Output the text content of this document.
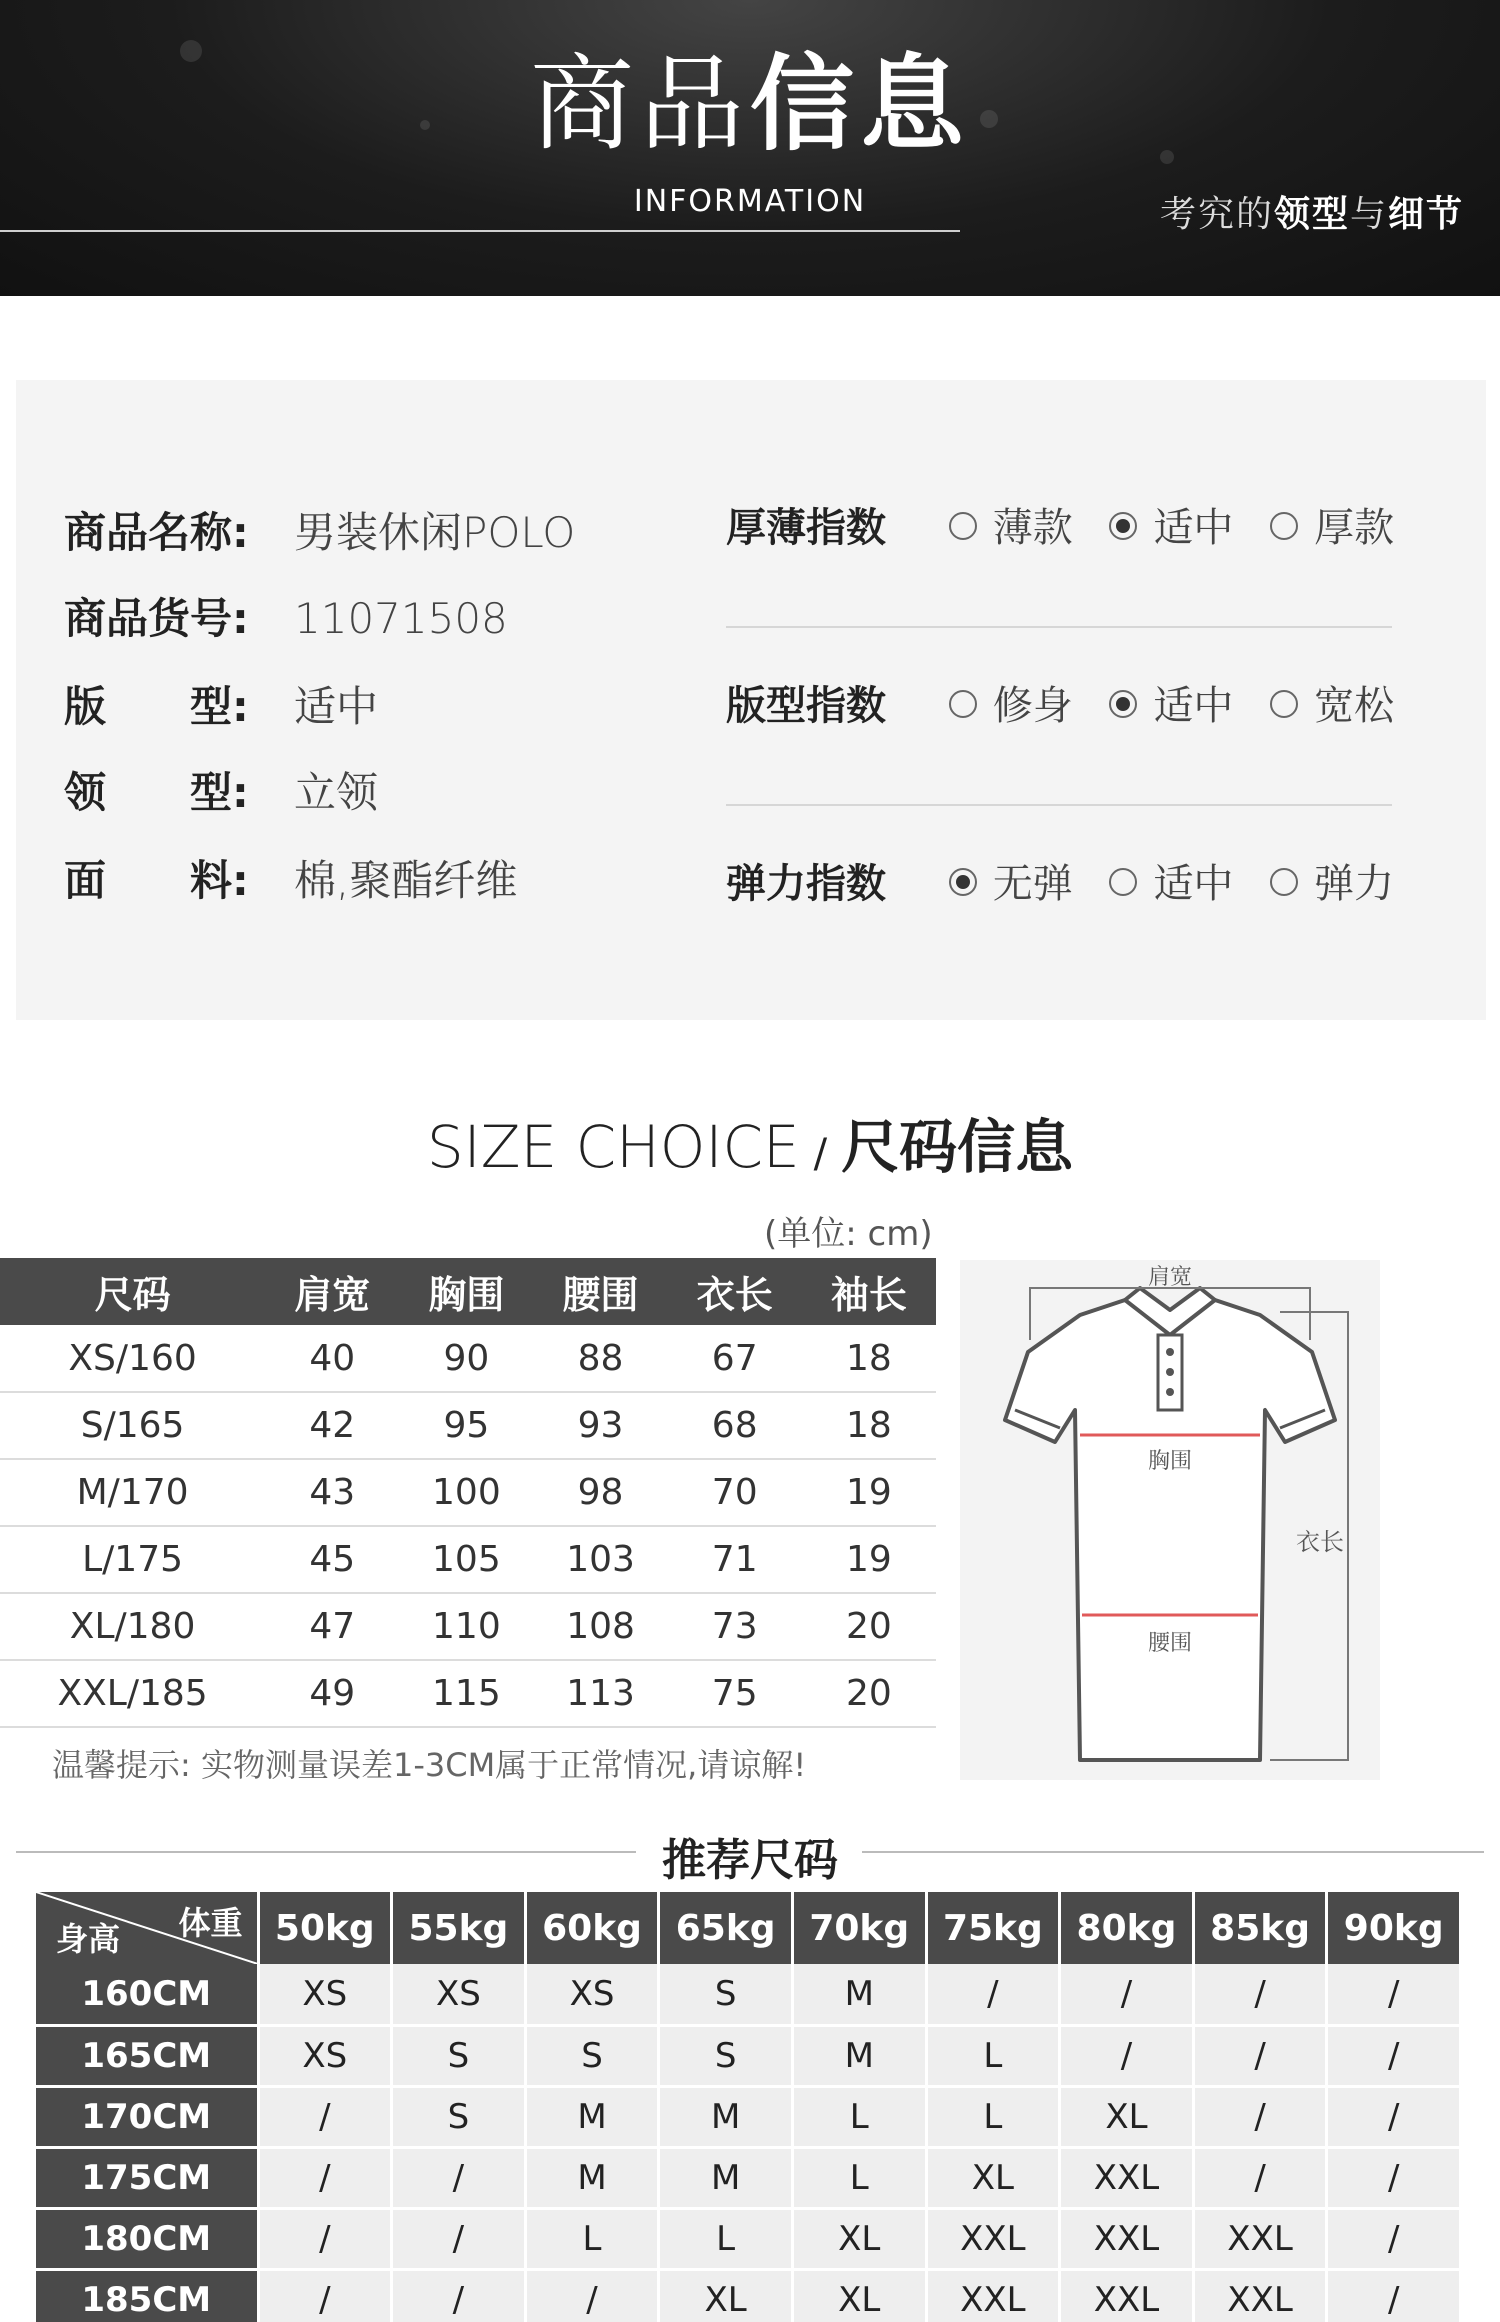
商品信息
INFORMATION	考究的领型与细节
商品名称: 男装休闲POLO
商品货号: 11071508
版　　型: 适中
领　　型: 立领
面　　料: 棉,聚酯纤维
厚薄指数	薄款 适中 厚款
版型指数	修身 适中 宽松
弹力指数	无弹 适中 弹力
SIZE CHOICE / 尺码信息
(单位: cm)
尺码	肩宽	胸围	腰围	衣长	袖长
XS/160	40	90	88	67	18
S/165	42	95	93	68	18
M/170	43	100	98	70	19
L/175	45	105	103	71	19
XL/180	47	110	108	73	20
XXL/185	49	115	113	75	20
温馨提示: 实物测量误差1-3CM属于正常情况,请谅解!
肩宽
胸围
腰围
衣长
推荐尺码
体重
身高	50kg	55kg	60kg	65kg	70kg	75kg	80kg	85kg	90kg
160CM	XS	XS	XS	S	M	/	/	/	/
165CM	XS	S	S	S	M	L	/	/	/
170CM	/	S	M	M	L	L	XL	/	/
175CM	/	/	M	M	L	XL	XXL	/	/
180CM	/	/	L	L	XL	XXL	XXL	XXL	/
185CM	/	/	/	XL	XL	XXL	XXL	XXL	/
